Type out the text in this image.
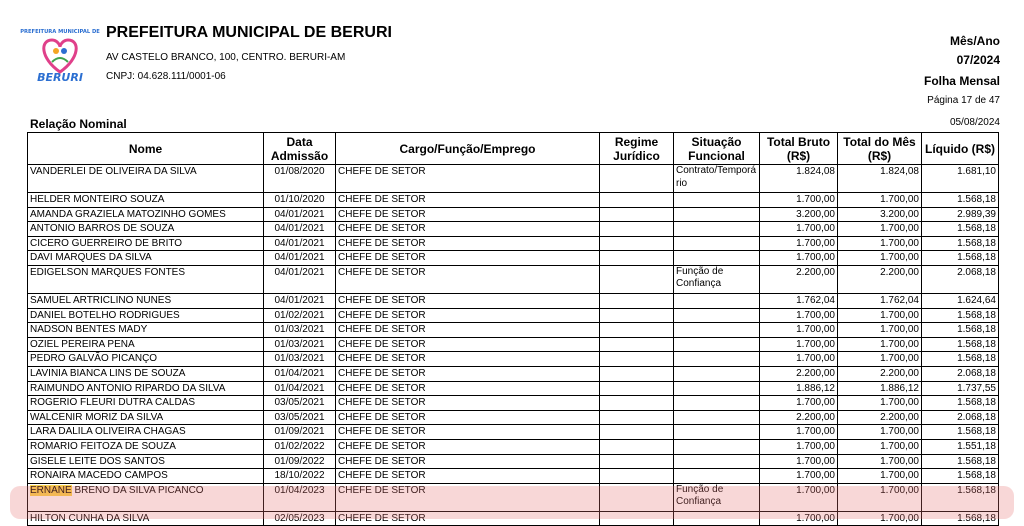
PREFEITURA MUNICIPAL DE
BERURI
PREFEITURA MUNICIPAL DE BERURI
AV CASTELO BRANCO, 100, CENTRO. BERURI-AM
CNPJ: 04.628.111/0001-06
Mês/Ano
07/2024
Folha Mensal
Página 17 de 47
05/08/2024
Relação Nominal
Nome	Data Admissão	Cargo/Função/Emprego	Regime Jurídico	Situação Funcional	Total Bruto (R$)	Total do Mês (R$)	Líquido (R$)
VANDERLEI DE OLIVEIRA DA SILVA	01/08/2020	CHEFE DE SETOR		Contrato/Temporário	1.824,08	1.824,08	1.681,10
HELDER MONTEIRO SOUZA	01/10/2020	CHEFE DE SETOR			1.700,00	1.700,00	1.568,18
AMANDA GRAZIELA MATOZINHO GOMES	04/01/2021	CHEFE DE SETOR			3.200,00	3.200,00	2.989,39
ANTONIO BARROS DE SOUZA	04/01/2021	CHEFE DE SETOR			1.700,00	1.700,00	1.568,18
CICERO GUERREIRO DE BRITO	04/01/2021	CHEFE DE SETOR			1.700,00	1.700,00	1.568,18
DAVI MARQUES DA SILVA	04/01/2021	CHEFE DE SETOR			1.700,00	1.700,00	1.568,18
EDIGELSON MARQUES FONTES	04/01/2021	CHEFE DE SETOR		Função de Confiança	2.200,00	2.200,00	2.068,18
SAMUEL ARTRICLINO NUNES	04/01/2021	CHEFE DE SETOR			1.762,04	1.762,04	1.624,64
DANIEL BOTELHO RODRIGUES	01/02/2021	CHEFE DE SETOR			1.700,00	1.700,00	1.568,18
NADSON BENTES MADY	01/03/2021	CHEFE DE SETOR			1.700,00	1.700,00	1.568,18
OZIEL PEREIRA PENA	01/03/2021	CHEFE DE SETOR			1.700,00	1.700,00	1.568,18
PEDRO GALVÃO PICANÇO	01/03/2021	CHEFE DE SETOR			1.700,00	1.700,00	1.568,18
LAVINIA BIANCA LINS DE SOUZA	01/04/2021	CHEFE DE SETOR			2.200,00	2.200,00	2.068,18
RAIMUNDO ANTONIO RIPARDO DA SILVA	01/04/2021	CHEFE DE SETOR			1.886,12	1.886,12	1.737,55
ROGERIO FLEURI DUTRA CALDAS	03/05/2021	CHEFE DE SETOR			1.700,00	1.700,00	1.568,18
WALCENIR MORIZ DA SILVA	03/05/2021	CHEFE DE SETOR			2.200,00	2.200,00	2.068,18
LARA DALILA OLIVEIRA CHAGAS	01/09/2021	CHEFE DE SETOR			1.700,00	1.700,00	1.568,18
ROMARIO FEITOZA DE SOUZA	01/02/2022	CHEFE DE SETOR			1.700,00	1.700,00	1.551,18
GISELE LEITE DOS SANTOS	01/09/2022	CHEFE DE SETOR			1.700,00	1.700,00	1.568,18
RONAIRA MACEDO CAMPOS	18/10/2022	CHEFE DE SETOR			1.700,00	1.700,00	1.568,18
ERNANE BRENO DA SILVA PICANCO	01/04/2023	CHEFE DE SETOR		Função de Confiança	1.700,00	1.700,00	1.568,18
HILTON CUNHA DA SILVA	02/05/2023	CHEFE DE SETOR			1.700,00	1.700,00	1.568,18
